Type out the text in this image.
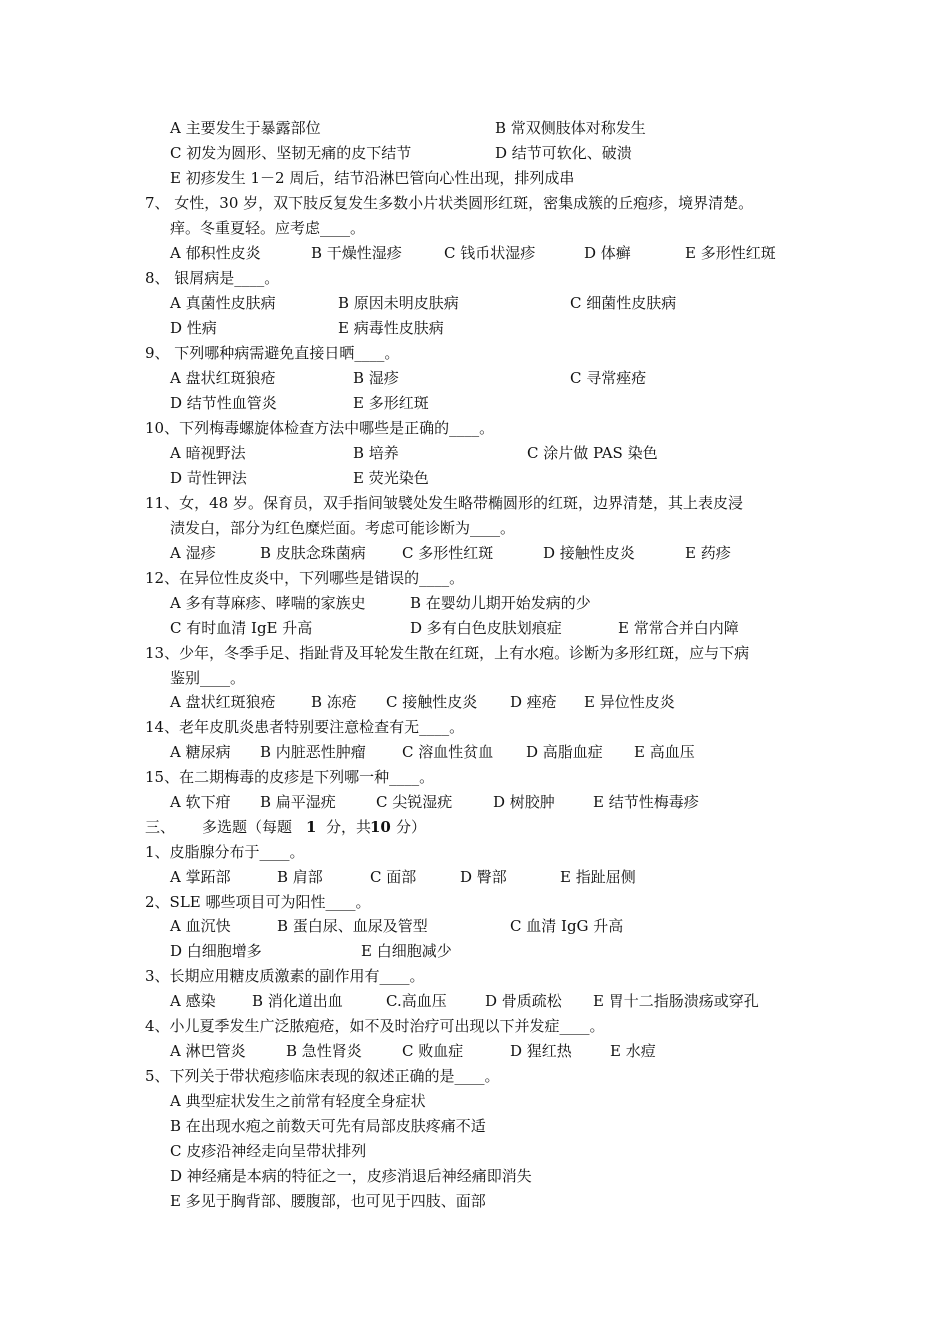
A 主要发生于暴露部位	B 常双侧肢体对称发生
C 初发为圆形、坚韧无痛的皮下结节	D 结节可软化、破溃
E 初疹发生 1－2 周后，结节沿淋巴管向心性出现，排列成串
7、 女性，30 岁，双下肢反复发生多数小片状类圆形红斑，密集成簇的丘疱疹，境界清楚。
痒。冬重夏轻。应考虑____。
A 郁积性皮炎	B 干燥性湿疹	C 钱币状湿疹	D 体癣	E 多形性红斑
8、 银屑病是____。
A 真菌性皮肤病	B 原因未明皮肤病	C 细菌性皮肤病
D 性病	E 病毒性皮肤病
9、 下列哪种病需避免直接日晒____。
A 盘状红斑狼疮	B 湿疹	C 寻常痤疮
D 结节性血管炎	E 多形红斑
10、下列梅毒螺旋体检查方法中哪些是正确的____。
A 暗视野法	B 培养	C 涂片做 PAS 染色
D 苛性钾法	E 荧光染色
11、女，48 岁。保育员，双手指间皱襞处发生略带椭圆形的红斑，边界清楚，其上表皮浸
渍发白，部分为红色糜烂面。考虑可能诊断为____。
A 湿疹	B 皮肤念珠菌病 C 多形性红斑	D 接触性皮炎	E 药疹
12、在异位性皮炎中，下列哪些是错误的____。
A 多有荨麻疹、哮喘的家族史	B 在婴幼儿期开始发病的少
C 有时血清 IgE 升高	D 多有白色皮肤划痕症	E 常常合并白内障
13、少年，冬季手足、指趾背及耳轮发生散在红斑，上有水疱。诊断为多形红斑，应与下病
鉴别____。
A 盘状红斑狼疮 B 冻疮 C 接触性皮炎 D 痤疮 E 异位性皮炎
14、老年皮肌炎患者特别要注意检查有无____。
A 糖尿病 B 内脏恶性肿瘤 C 溶血性贫血 D 高脂血症 E 高血压
15、在二期梅毒的皮疹是下列哪一种____。
A 软下疳 B 扁平湿疣	C 尖锐湿疣	D 树胶肿	E 结节性梅毒疹
三、 多选题（每题 1 分，共
10 分）
1、皮脂腺分布于____。
A 掌跖部	B 肩部	C 面部	D 臀部	E 指趾屈侧
2、SLE 哪些项目可为阳性____。
A 血沉快	B 蛋白尿、血尿及管型	C 血清 IgG 升高
D 白细胞增多	E 白细胞减少
3、长期应用糖皮质激素的副作用有____。
A 感染 B 消化道出血	C.高血压	D 骨质疏松 E 胃十二指肠溃疡或穿孔
4、小儿夏季发生广泛脓疱疮，如不及时治疗可出现以下并发症____。
A 淋巴管炎	B 急性肾炎	C 败血症	D 猩红热	E 水痘
5、下列关于带状疱疹临床表现的叙述正确的是____。
A 典型症状发生之前常有轻度全身症状
B 在出现水疱之前数天可先有局部皮肤疼痛不适
C 皮疹沿神经走向呈带状排列
D 神经痛是本病的特征之一，皮疹消退后神经痛即消失
E 多见于胸背部、腰腹部，也可见于四肢、面部
